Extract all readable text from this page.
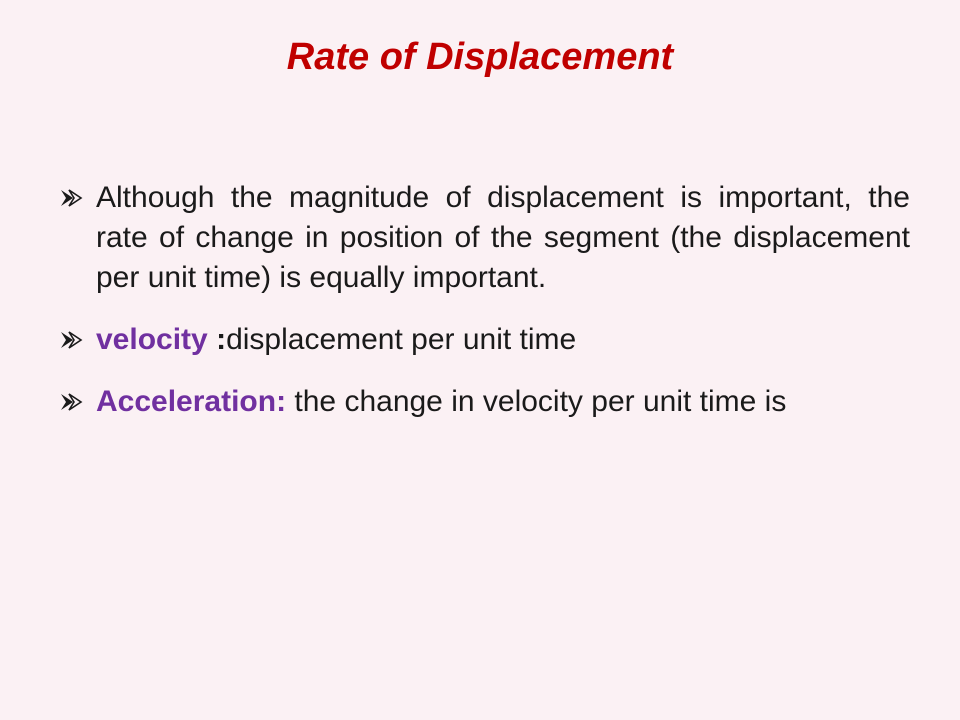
Rate of Displacement
Although the magnitude of displacement is important, the rate of change in position of the segment (the displacement per unit time) is equally important.
velocity :displacement per unit time
Acceleration: the change in velocity per unit time is
